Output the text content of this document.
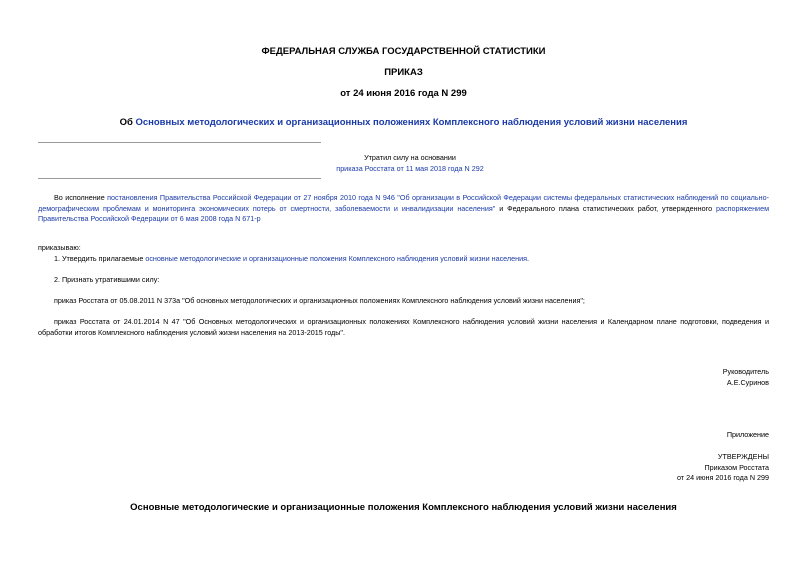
ФЕДЕРАЛЬНАЯ СЛУЖБА ГОСУДАРСТВЕННОЙ СТАТИСТИКИ
ПРИКАЗ
от 24 июня 2016 года N 299
Об Основных методологических и организационных положениях Комплексного наблюдения условий жизни населения
Утратил силу на основании
приказа Росстата от 11 мая 2018 года N 292
Во исполнение постановления Правительства Российской Федерации от 27 ноября 2010 года N 946 "Об организации в Российской Федерации системы федеральных статистических наблюдений по социально-демографическим проблемам и мониторинга экономических потерь от смертности, заболеваемости и инвалидизации населения" и Федерального плана статистических работ, утвержденного распоряжением Правительства Российской Федерации от 6 мая 2008 года N 671-р
приказываю:
1. Утвердить прилагаемые основные методологические и организационные положения Комплексного наблюдения условий жизни населения.
2. Признать утратившими силу:
приказ Росстата от 05.08.2011 N 373а "Об основных методологических и организационных положениях Комплексного наблюдения условий жизни населения";
приказ Росстата от 24.01.2014 N 47 "Об Основных методологических и организационных положениях Комплексного наблюдения условий жизни населения и Календарном плане подготовки, подведения и обработки итогов Комплексного наблюдения условий жизни населения на 2013-2015 годы".
Руководитель
А.Е.Суринов
Приложение
УТВЕРЖДЕНЫ
Приказом Росстата
от 24 июня 2016 года N 299
Основные методологические и организационные положения Комплексного наблюдения условий жизни населения
